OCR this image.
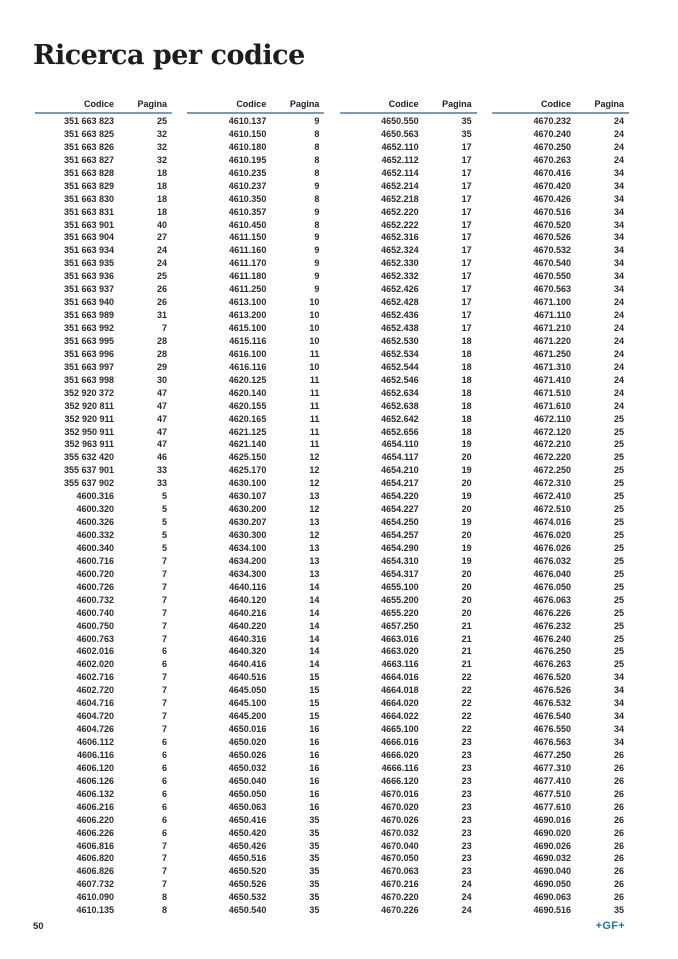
Ricerca per codice
Codice	Pagina
351 663 823	25
351 663 825	32
351 663 826	32
351 663 827	32
351 663 828	18
351 663 829	18
351 663 830	18
351 663 831	18
351 663 901	40
351 663 904	27
351 663 934	24
351 663 935	24
351 663 936	25
351 663 937	26
351 663 940	26
351 663 989	31
351 663 992	7
351 663 995	28
351 663 996	28
351 663 997	29
351 663 998	30
352 920 372	47
352 920 811	47
352 920 911	47
352 950 911	47
352 963 911	47
355 632 420	46
355 637 901	33
355 637 902	33
4600.316	5
4600.320	5
4600.326	5
4600.332	5
4600.340	5
4600.716	7
4600.720	7
4600.726	7
4600.732	7
4600.740	7
4600.750	7
4600.763	7
4602.016	6
4602.020	6
4602.716	7
4602.720	7
4604.716	7
4604.720	7
4604.726	7
4606.112	6
4606.116	6
4606.120	6
4606.126	6
4606.132	6
4606.216	6
4606.220	6
4606.226	6
4606.816	7
4606.820	7
4606.826	7
4607.732	7
4610.090	8
4610.135	8
Codice	Pagina
4610.137	9
4610.150	8
4610.180	8
4610.195	8
4610.235	8
4610.237	9
4610.350	8
4610.357	9
4610.450	8
4611.150	9
4611.160	9
4611.170	9
4611.180	9
4611.250	9
4613.100	10
4613.200	10
4615.100	10
4615.116	10
4616.100	11
4616.116	10
4620.125	11
4620.140	11
4620.155	11
4620.165	11
4621.125	11
4621.140	11
4625.150	12
4625.170	12
4630.100	12
4630.107	13
4630.200	12
4630.207	13
4630.300	12
4634.100	13
4634.200	13
4634.300	13
4640.116	14
4640.120	14
4640.216	14
4640.220	14
4640.316	14
4640.320	14
4640.416	14
4640.516	15
4645.050	15
4645.100	15
4645.200	15
4650.016	16
4650.020	16
4650.026	16
4650.032	16
4650.040	16
4650.050	16
4650.063	16
4650.416	35
4650.420	35
4650.426	35
4650.516	35
4650.520	35
4650.526	35
4650.532	35
4650.540	35
Codice	Pagina
4650.550	35
4650.563	35
4652.110	17
4652.112	17
4652.114	17
4652.214	17
4652.218	17
4652.220	17
4652.222	17
4652.316	17
4652.324	17
4652.330	17
4652.332	17
4652.426	17
4652.428	17
4652.436	17
4652.438	17
4652.530	18
4652.534	18
4652.544	18
4652.546	18
4652.634	18
4652.638	18
4652.642	18
4652.656	18
4654.110	19
4654.117	20
4654.210	19
4654.217	20
4654.220	19
4654.227	20
4654.250	19
4654.257	20
4654.290	19
4654.310	19
4654.317	20
4655.100	20
4655.200	20
4655.220	20
4657.250	21
4663.016	21
4663.020	21
4663.116	21
4664.016	22
4664.018	22
4664.020	22
4664.022	22
4665.100	22
4666.016	23
4666.020	23
4666.116	23
4666.120	23
4670.016	23
4670.020	23
4670.026	23
4670.032	23
4670.040	23
4670.050	23
4670.063	23
4670.216	24
4670.220	24
4670.226	24
Codice	Pagina
4670.232	24
4670.240	24
4670.250	24
4670.263	24
4670.416	34
4670.420	34
4670.426	34
4670.516	34
4670.520	34
4670.526	34
4670.532	34
4670.540	34
4670.550	34
4670.563	34
4671.100	24
4671.110	24
4671.210	24
4671.220	24
4671.250	24
4671.310	24
4671.410	24
4671.510	24
4671.610	24
4672.110	25
4672.120	25
4672.210	25
4672.220	25
4672.250	25
4672.310	25
4672.410	25
4672.510	25
4674.016	25
4676.020	25
4676.026	25
4676.032	25
4676.040	25
4676.050	25
4676.063	25
4676.226	25
4676.232	25
4676.240	25
4676.250	25
4676.263	25
4676.520	34
4676.526	34
4676.532	34
4676.540	34
4676.550	34
4676.563	34
4677.250	26
4677.310	26
4677.410	26
4677.510	26
4677.610	26
4690.016	26
4690.020	26
4690.026	26
4690.032	26
4690.040	26
4690.050	26
4690.063	26
4690.516	35
50	+GF+
